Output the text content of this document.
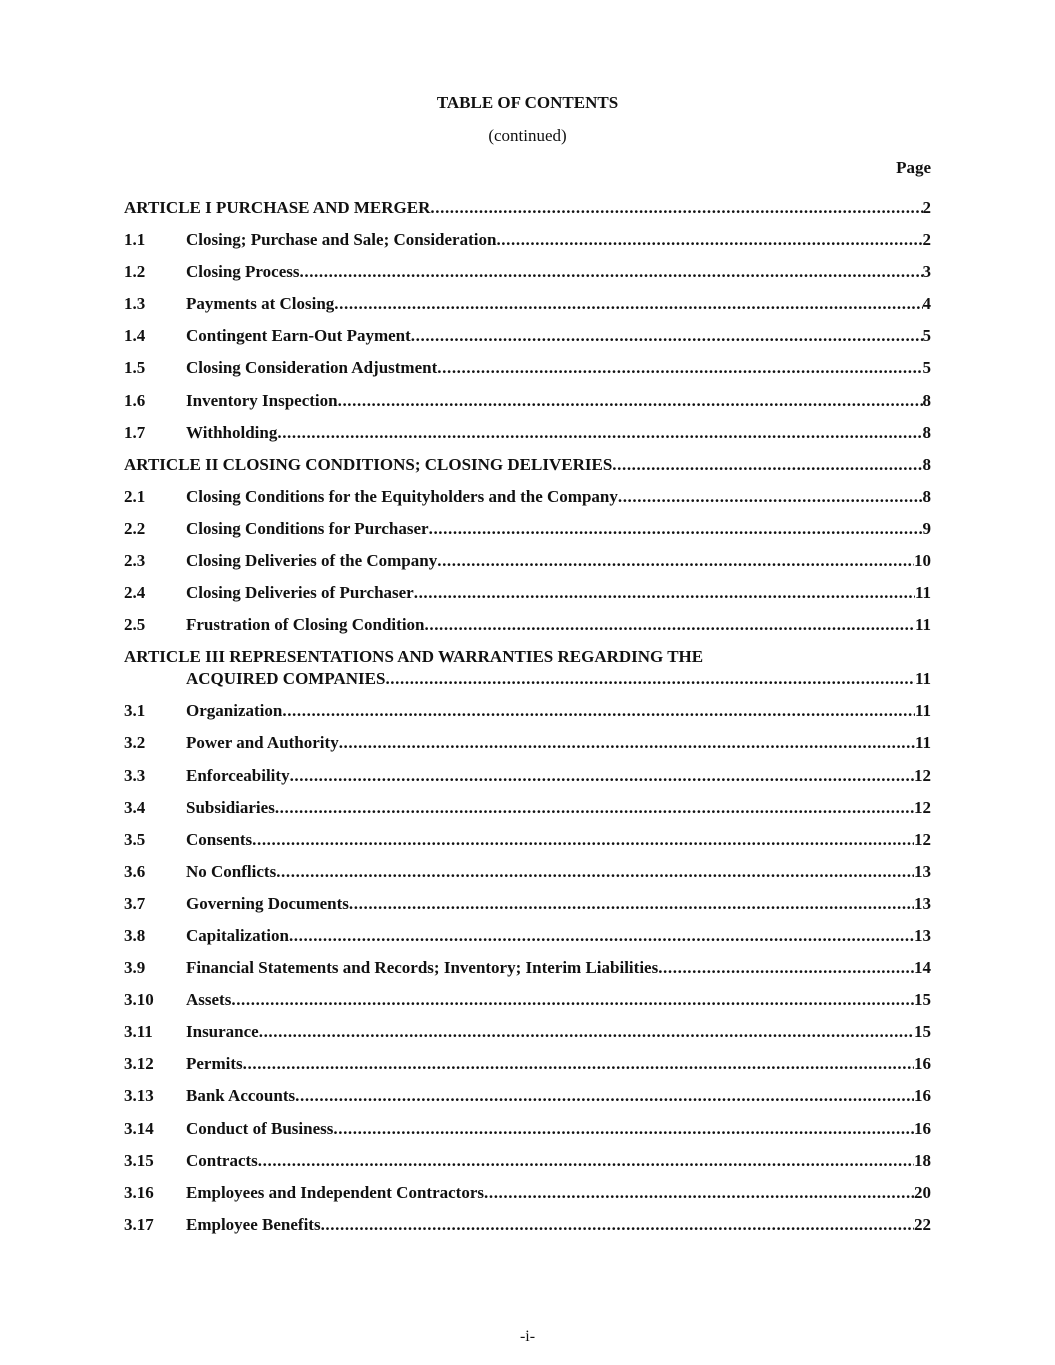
TABLE OF CONTENTS
(continued)
Page
ARTICLE I PURCHASE AND MERGER .....	2
1.1	Closing; Purchase and Sale; Consideration .....	2
1.2	Closing Process .....	3
1.3	Payments at Closing .....	4
1.4	Contingent Earn-Out Payment .....	5
1.5	Closing Consideration Adjustment .....	5
1.6	Inventory Inspection .....	8
1.7	Withholding .....	8
ARTICLE II CLOSING CONDITIONS; CLOSING DELIVERIES .....	8
2.1	Closing Conditions for the Equityholders and the Company .....	8
2.2	Closing Conditions for Purchaser .....	9
2.3	Closing Deliveries of the Company .....	10
2.4	Closing Deliveries of Purchaser .....	11
2.5	Frustration of Closing Condition .....	11
ARTICLE III REPRESENTATIONS AND WARRANTIES REGARDING THE
ACQUIRED COMPANIES .....	11
3.1	Organization .....	11
3.2	Power and Authority .....	11
3.3	Enforceability .....	12
3.4	Subsidiaries .....	12
3.5	Consents .....	12
3.6	No Conflicts .....	13
3.7	Governing Documents .....	13
3.8	Capitalization .....	13
3.9	Financial Statements and Records; Inventory; Interim Liabilities .....	14
3.10	Assets .....	15
3.11	Insurance .....	15
3.12	Permits .....	16
3.13	Bank Accounts .....	16
3.14	Conduct of Business .....	16
3.15	Contracts .....	18
3.16	Employees and Independent Contractors .....	20
3.17	Employee Benefits .....	22
-i-
